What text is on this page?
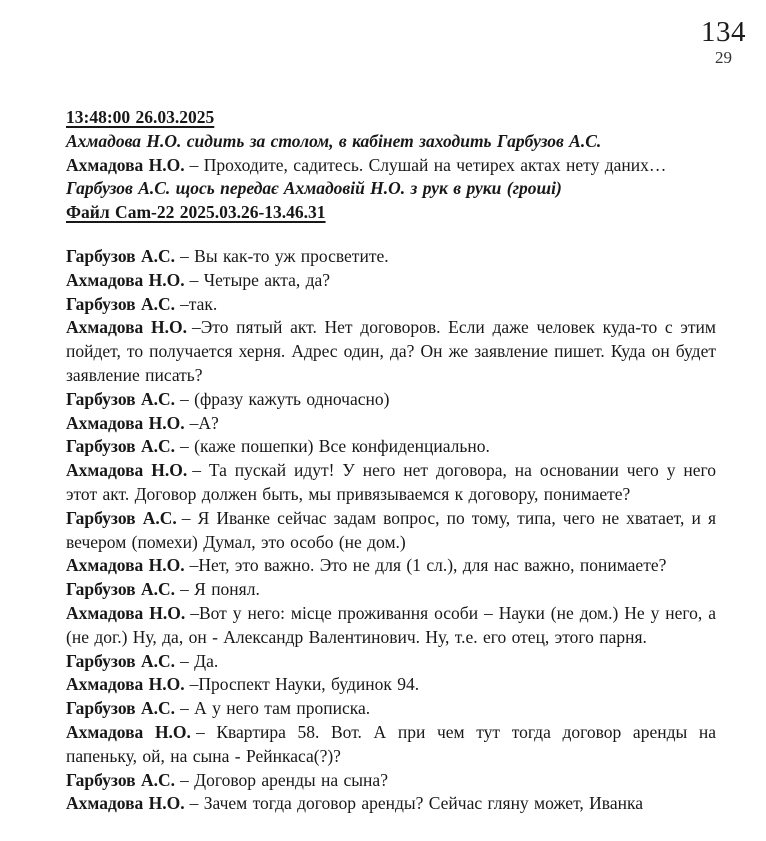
134
29

13:48:00 26.03.2025

Ахмадова Н.О. сидить за столом, в кабінет заходить Гарбузов А.С.

Ахмадова Н.О. – Проходите, садитесь. Слушай на четирех актах нету даних…

Гарбузов А.С. щось передає Ахмадовій Н.О. з рук в руки (гроші)

Файл Cam-22 2025.03.26-13.46.31

Гарбузов А.С. – Вы как-то уж просветите.

Ахмадова Н.О. – Четыре акта, да?

Гарбузов А.С. –так.

Ахмадова Н.О. –Это пятый акт. Нет договоров. Если даже человек куда-то с этим пойдет, то получается херня. Адрес один, да? Он же заявление пишет. Куда он будет заявление писать?

Гарбузов А.С. – (фразу кажуть одночасно)

Ахмадова Н.О. –А?

Гарбузов А.С. – (каже пошепки) Все конфиденциально.

Ахмадова Н.О. – Та пускай идут! У него нет договора, на основании чего у него этот акт. Договор должен быть, мы привязываемся к договору, понимаете?

Гарбузов А.С. – Я Иванке сейчас задам вопрос, по тому, типа, чего не хватает, и я вечером (помехи) Думал, это особо (не дом.)

Ахмадова Н.О. –Нет, это важно. Это не для (1 сл.), для нас важно, понимаете?

Гарбузов А.С. – Я понял.

Ахмадова Н.О. –Вот у него: місце проживання особи – Науки (не дом.) Не у него, а (не дог.) Ну, да, он - Александр Валентинович. Ну, т.е. его отец, этого парня.

Гарбузов А.С. – Да.

Ахмадова Н.О. –Проспект Науки, будинок 94.

Гарбузов А.С. – А у него там прописка.

Ахмадова Н.О. – Квартира 58. Вот. А при чем тут тогда договор аренды на папеньку, ой, на сына - Рейнкаса(?)?

Гарбузов А.С. – Договор аренды на сына?

Ахмадова Н.О. – Зачем тогда договор аренды? Сейчас гляну может, Иванка
